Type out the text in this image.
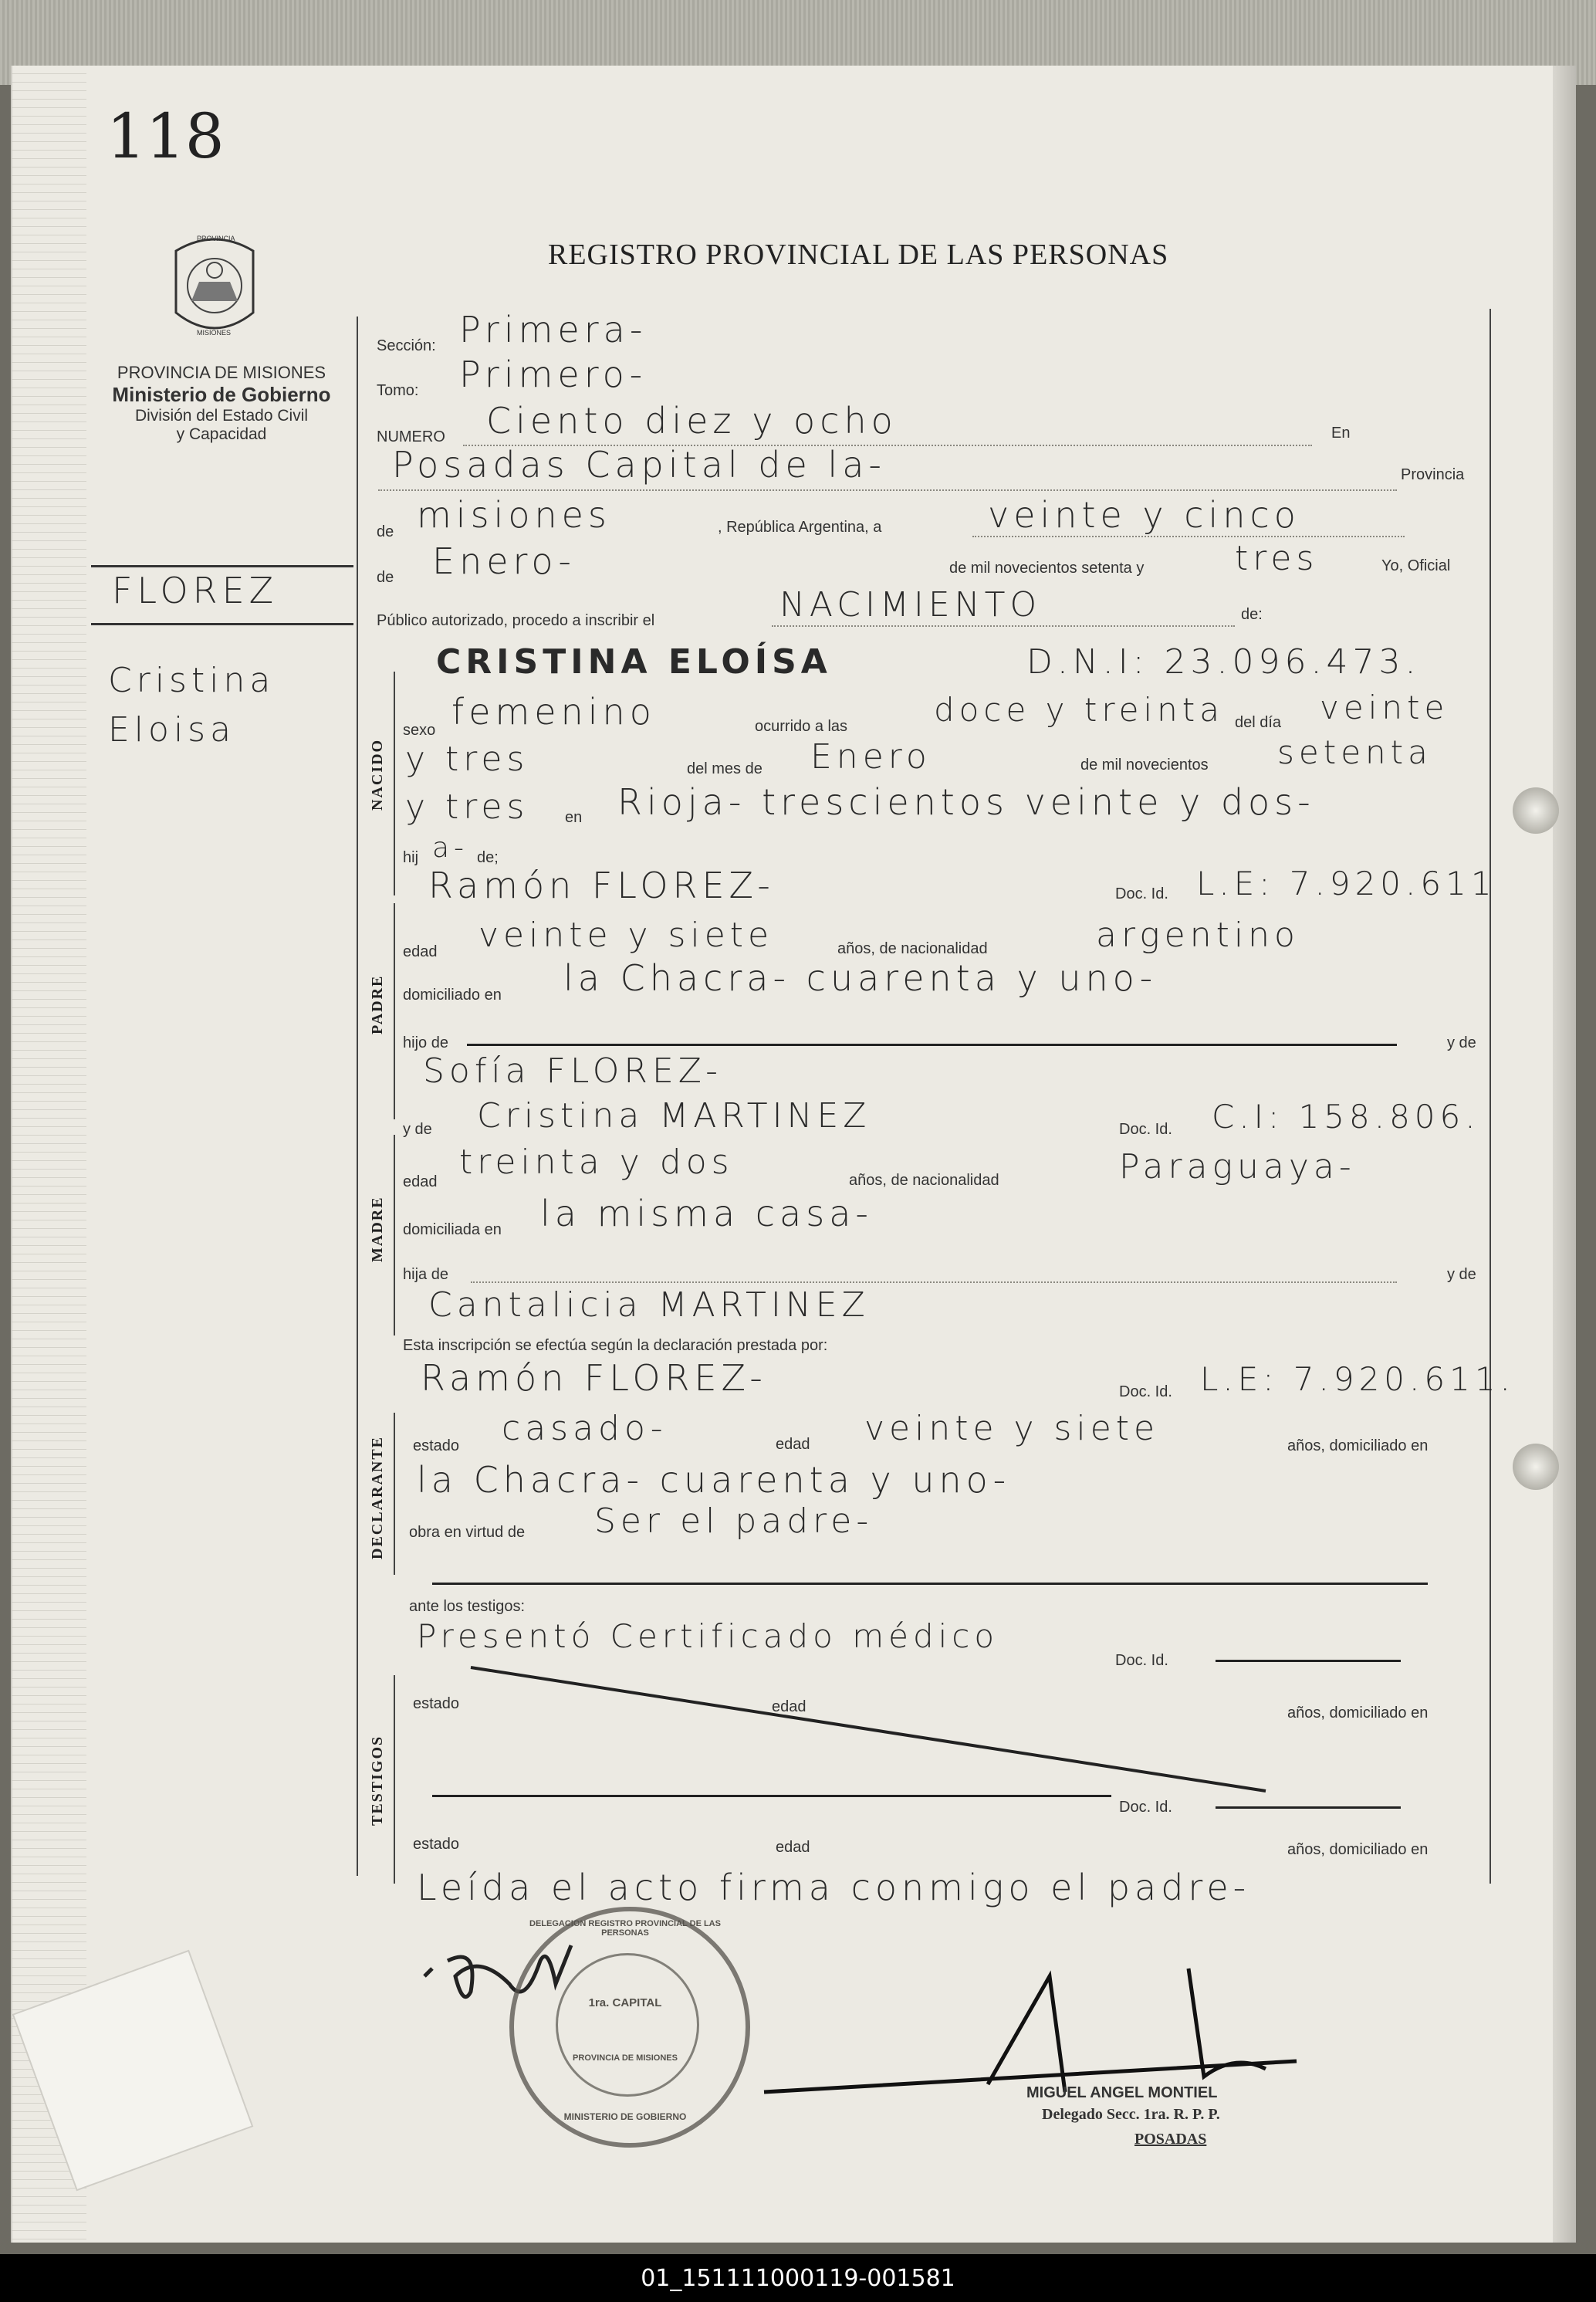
118
REGISTRO PROVINCIAL DE LAS PERSONAS
PROVINCIA
MISIONES
PROVINCIA DE MISIONES
Ministerio de Gobierno
División del Estado Civil
y Capacidad
FLOREZ
Cristina
Eloisa
Sección: Primera-
Tomo: Primero-
NUMERO Ciento diez y ocho	En
Posadas Capital de la-	Provincia
de misiones	, República Argentina, a	veinte y cinco
de Enero-	de mil novecientos setenta y	tres	Yo, Oficial
Público autorizado, procedo a inscribir el	NACIMIENTO	de:
NACIDO
CRISTINA ELOÍSA	D.N.I: 23.096.473.
sexo femenino	ocurrido a las	doce y treinta del día veinte
y tres	del mes de Enero	de mil novecientos setenta
y tres en Rioja- trescientos veinte y dos-
hij a- de;
Ramón FLOREZ-	Doc. Id. L.E: 7.920.611
PADRE
edad veinte y siete	años, de nacionalidad	argentino
domiciliado en la Chacra- cuarenta y uno-
hijo de	y de
Sofía FLOREZ-
y de Cristina MARTINEZ	Doc. Id. C.I: 158.806.
MADRE
edad treinta y dos	años, de nacionalidad	Paraguaya-
domiciliada en la misma casa-
hija de	y de
Cantalicia MARTINEZ
Esta inscripción se efectúa según la declaración prestada por:
Ramón FLOREZ-	Doc. Id. L.E: 7.920.611.
DECLARANTE estado casado-	edad veinte y siete	años, domiciliado en
la Chacra- cuarenta y uno-
obra en virtud de Ser el padre-
ante los testigos:
Presentó Certificado médico
Doc. Id.
TESTIGOS
estado	edad	años, domiciliado en
Doc. Id.
estado	edad	años, domiciliado en
Leída el acto firma conmigo el padre-
DELEGACION REGISTRO PROVINCIAL DE LAS PERSONAS
1ra. CAPITAL
PROVINCIA DE MISIONES
MINISTERIO DE GOBIERNO
MIGUEL ANGEL MONTIEL
Delegado Secc. 1ra. R. P. P.
POSADAS
01_151111000119-001581
